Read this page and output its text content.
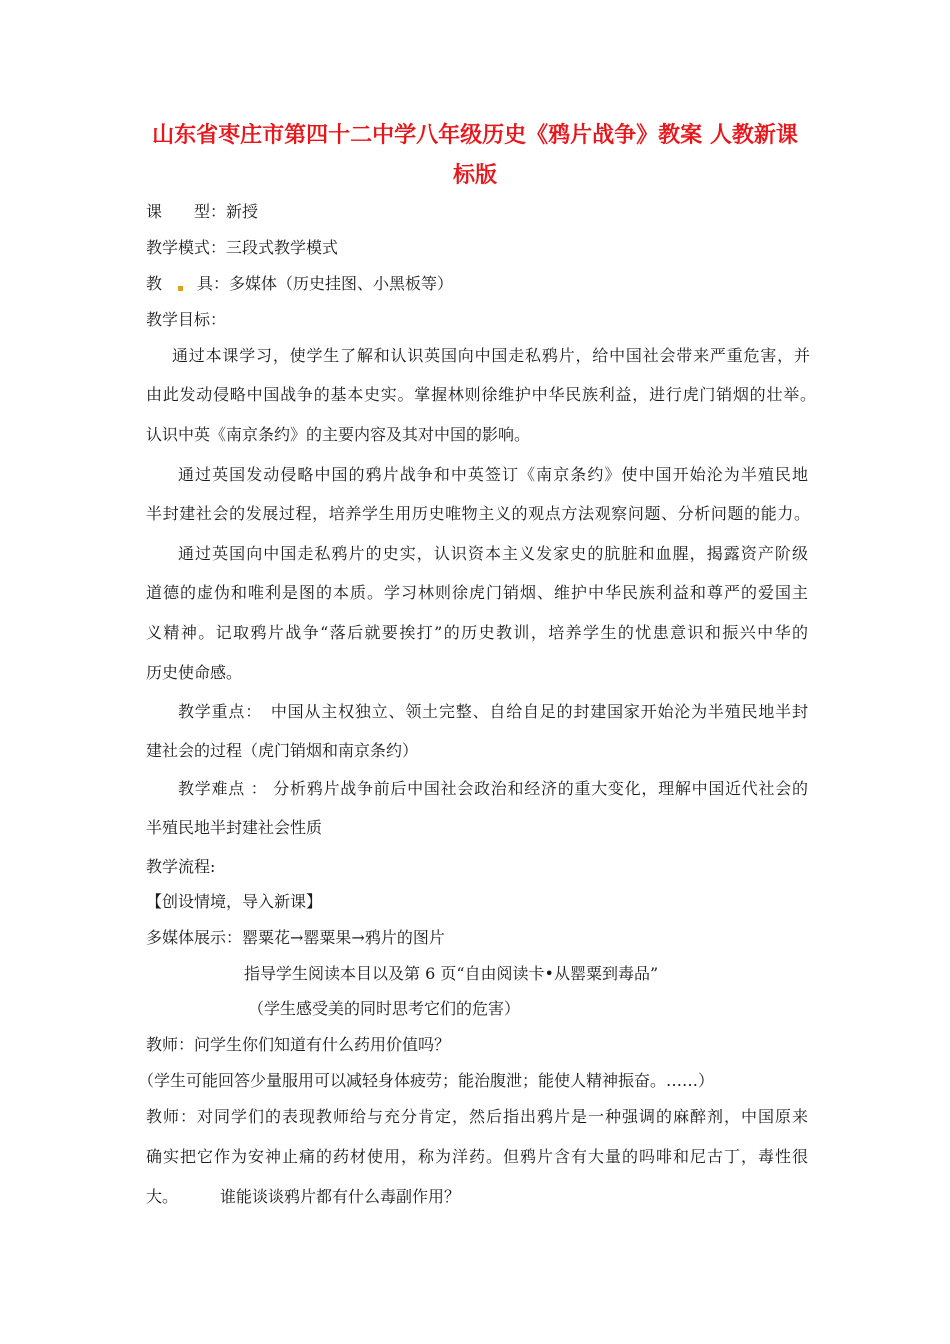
山东省枣庄市第四十二中学八年级历史《鸦片战争》教案 人教新课
标版
课　　型：新授
教学模式：三段式教学模式
教 具：多媒体（历史挂图、小黑板等）
教学目标：
通过本课学习，使学生了解和认识英国向中国走私鸦片，给中国社会带来严重危害，并
由此发动侵略中国战争的基本史实。掌握林则徐维护中华民族利益，进行虎门销烟的壮举。
认识中英《南京条约》的主要内容及其对中国的影响。
通过英国发动侵略中国的鸦片战争和中英签订《南京条约》使中国开始沦为半殖民地
半封建社会的发展过程，培养学生用历史唯物主义的观点方法观察问题、分析问题的能力。
通过英国向中国走私鸦片的史实，认识资本主义发家史的肮脏和血腥，揭露资产阶级
道德的虚伪和唯利是图的本质。学习林则徐虎门销烟、维护中华民族利益和尊严的爱国主
义精神。记取鸦片战争“落后就要挨打”的历史教训，培养学生的忧患意识和振兴中华的
历史使命感。
教学重点：　中国从主权独立、领土完整、自给自足的封建国家开始沦为半殖民地半封
建社会的过程（虎门销烟和南京条约）
教学难点 ： 分析鸦片战争前后中国社会政治和经济的重大变化，理解中国近代社会的
半殖民地半封建社会性质
教学流程:
【创设情境，导入新课】
多媒体展示：罂粟花→罂粟果→鸦片的图片
指导学生阅读本目以及第 6 页“自由阅读卡•从罂粟到毒品”
（学生感受美的同时思考它们的危害）
教师：问学生你们知道有什么药用价值吗？
（学生可能回答少量服用可以减轻身体疲劳；能治腹泄；能使人精神振奋。……）
教师：对同学们的表现教师给与充分肯定，然后指出鸦片是一种强调的麻醉剂，中国原来
确实把它作为安神止痛的药材使用，称为洋药。但鸦片含有大量的吗啡和尼古丁，毒性很
大。	谁能谈谈鸦片都有什么毒副作用？
